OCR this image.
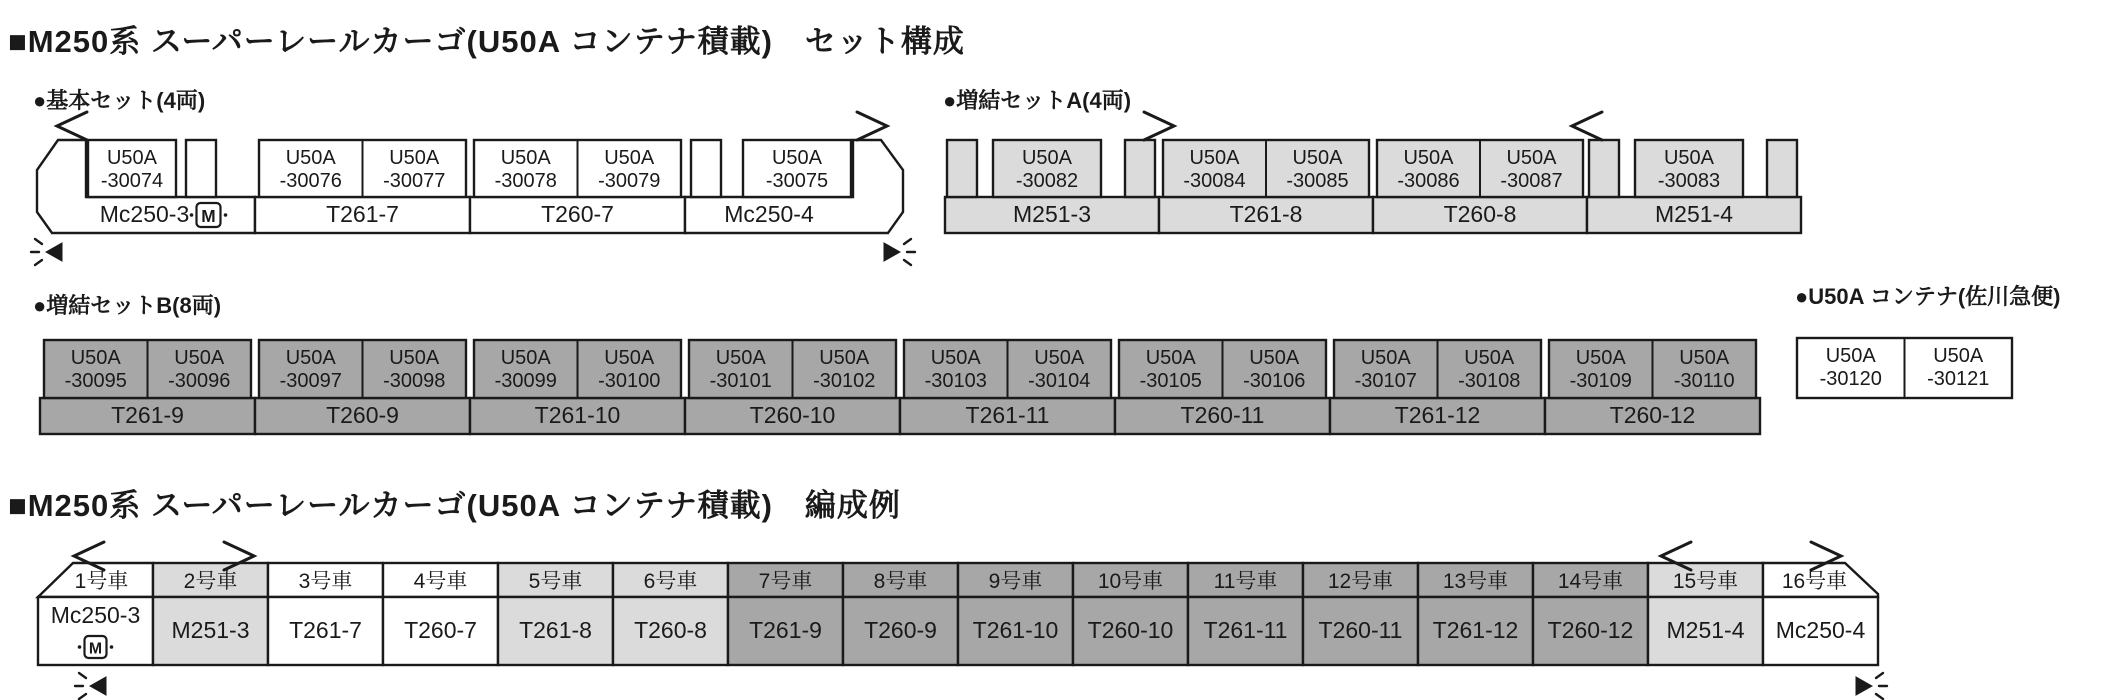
■M250系 スーパーレールカーゴ(U50A コンテナ積載)　セット構成
●基本セット(4両)	●増結セットA(4両)
●増結セットB(8両)	●U50A コンテナ(佐川急便)
■M250系 スーパーレールカーゴ(U50A コンテナ積載)　編成例
Mc250-3 M
U50A
-30074
T261-7
U50A
-30076
U50A
-30077
T260-7
U50A
-30078
U50A
-30079
Mc250-4
U50A
-30075
M251-3
U50A
-30082
T261-8
U50A
-30084
U50A
-30085
T260-8
U50A
-30086
U50A
-30087
M251-4
U50A
-30083
T261-9
U50A
-30095
U50A
-30096
T260-9
U50A
-30097
U50A
-30098
T261-10
U50A
-30099
U50A
-30100
T260-10
U50A
-30101
U50A
-30102
T261-11
U50A
-30103
U50A
-30104
T260-11
U50A
-30105
U50A
-30106
T261-12
U50A
-30107
U50A
-30108
T260-12
U50A
-30109
U50A
-30110
U50A
-30120
U50A
-30121
1号車
Mc250-3
M
2号車
M251-3
3号車
T261-7
4号車
T260-7
5号車
T261-8
6号車
T260-8
7号車
T261-9
8号車
T260-9
9号車
T261-10
10号車
T260-10
11号車
T261-11
12号車
T260-11
13号車
T261-12
14号車
T260-12
15号車
M251-4
16号車
Mc250-4
